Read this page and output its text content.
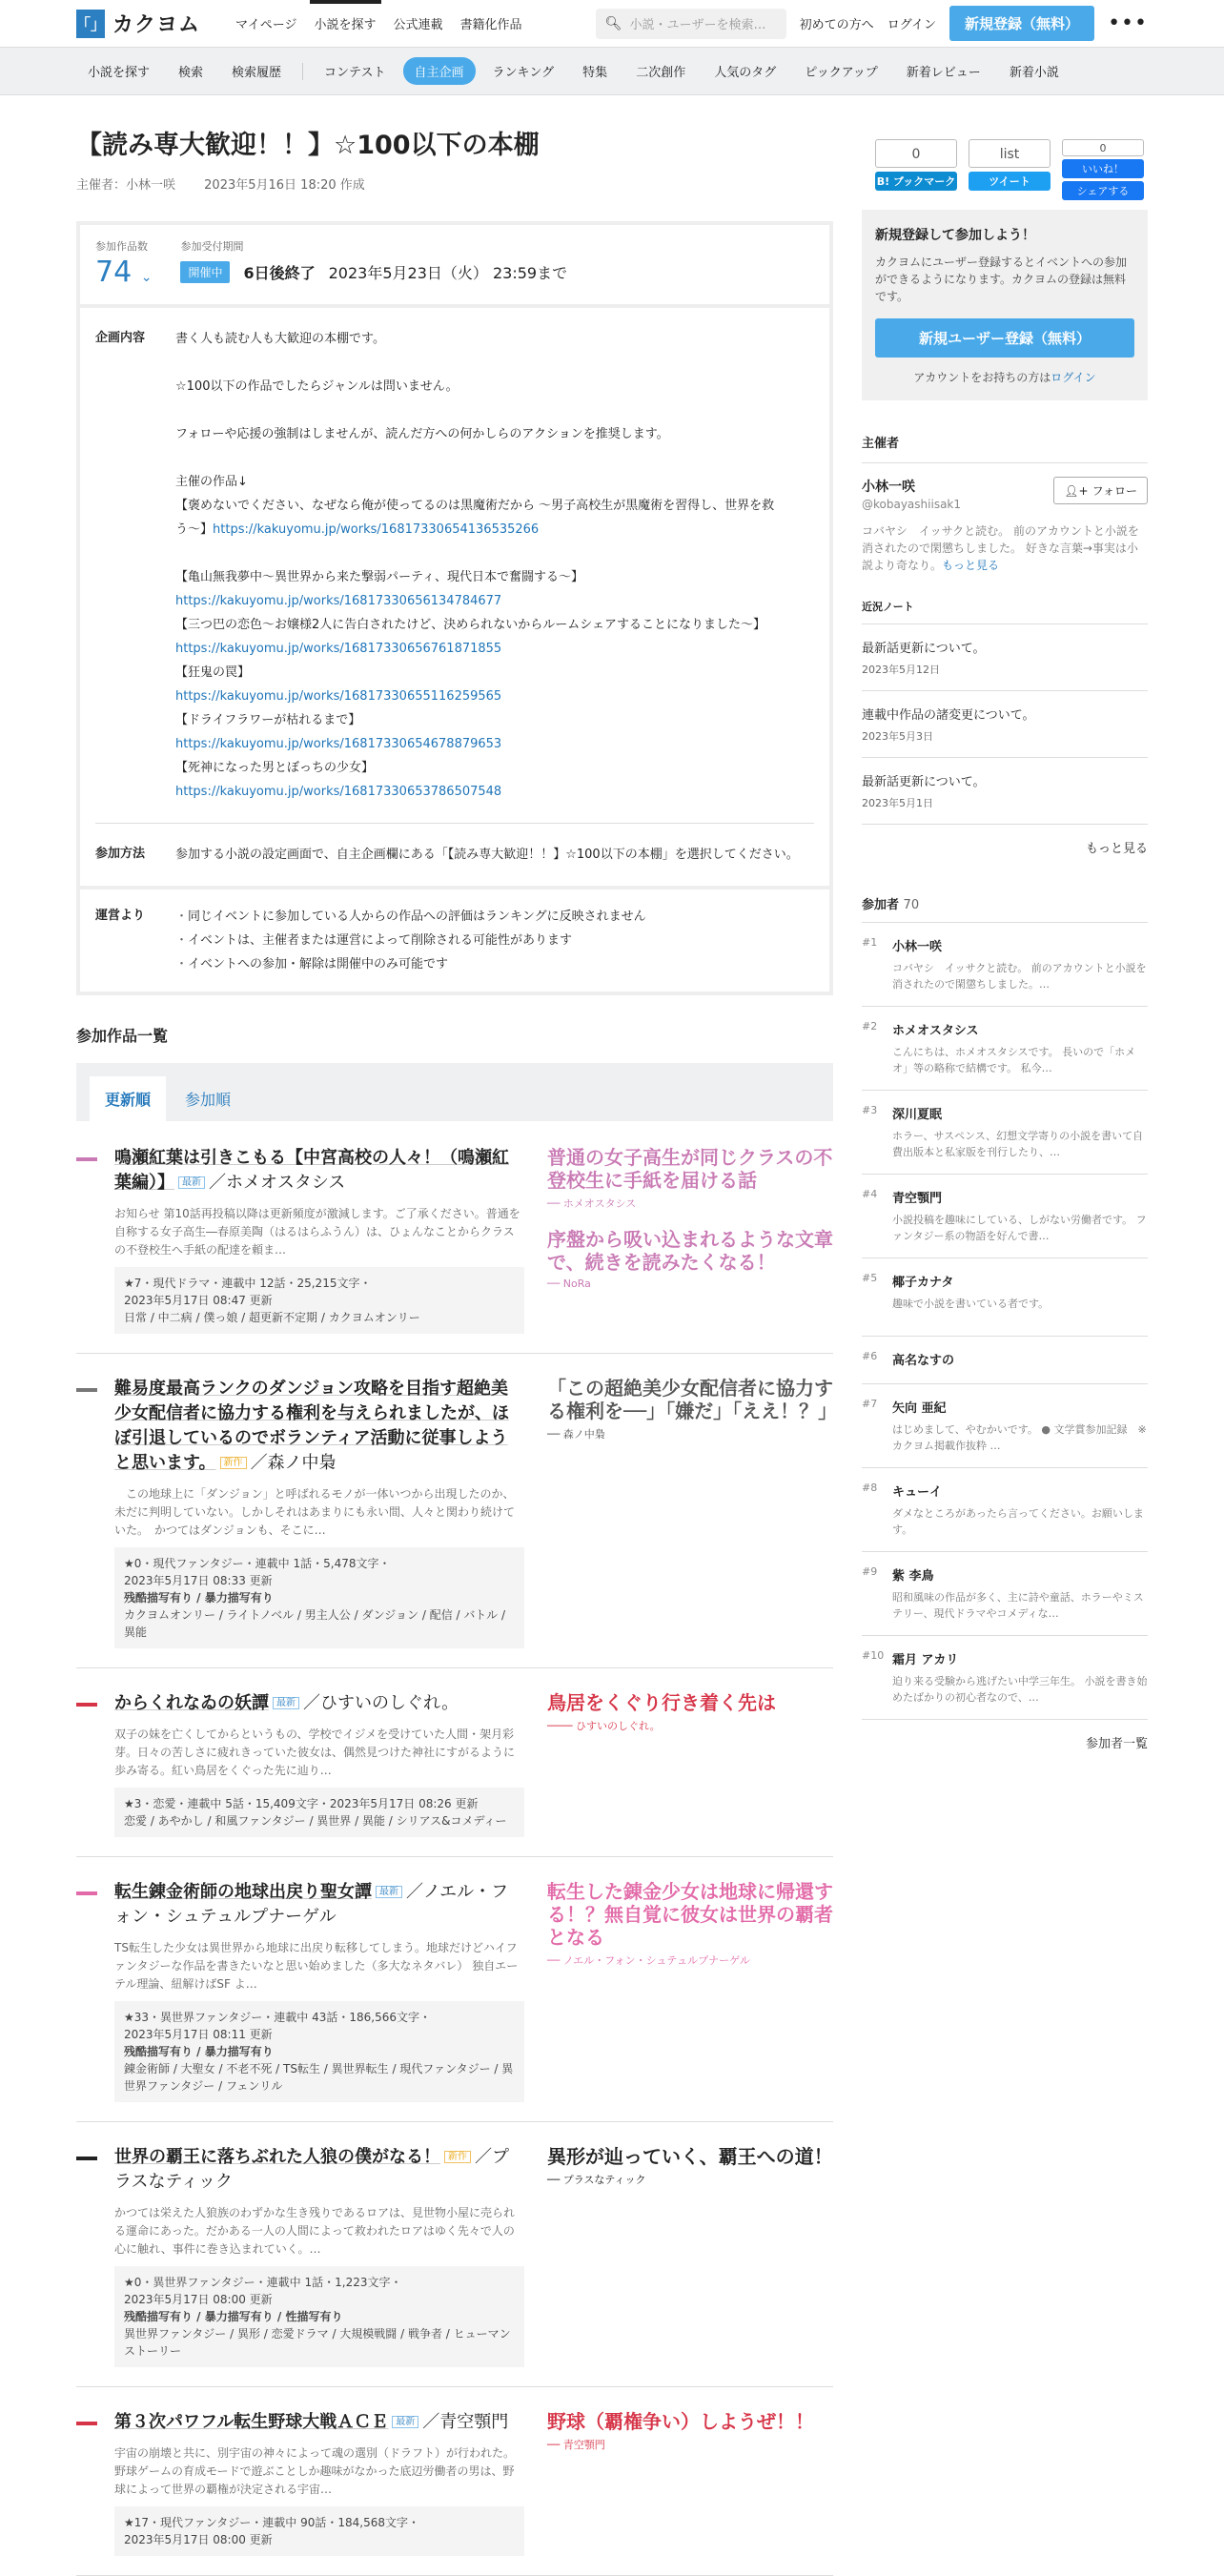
「」 カクヨム	マイページ	小説を探す	公式連載	書籍化作品	🔍︎ 小説・ユーザーを検索…	初めての方へ ログイン	新規登録（無料）	•••
小説を探す	検索	検索履歴	コンテスト	自主企画	ランキング	特集	二次創作	人気のタグ	ピックアップ	新着レビュー	新着小説
0
B! ブックマーク
list
ツイート
0
いいね！
シェアする
【読み専大歓迎！！】☆100以下の本棚
主催者：小林一咲　　 2023年5月16日 18:20 作成
参加作品数
74 ⌄
参加受付期間
開催中	6日後終了 2023年5月23日（火） 23:59まで
企画内容	書く人も読む人も大歓迎の本棚です。

☆100以下の作品でしたらジャンルは問いません。

フォローや応援の強制はしませんが、読んだ方への何かしらのアクションを推奨します。

主催の作品↓

【褒めないでください、なぜなら俺が使ってるのは黒魔術だから 〜男子高校生が黒魔術を習得し、世界を救う〜】https://kakuyomu.jp/works/16817330654136535266

【亀山無我夢中〜異世界から来た撃弱パーティ、現代日本で奮闘する〜】

https://kakuyomu.jp/works/16817330656134784677

【三つ巴の恋色〜お嬢様2人に告白されたけど、決められないからルームシェアすることになりました〜】

https://kakuyomu.jp/works/16817330656761871855

【狂鬼の罠】

https://kakuyomu.jp/works/16817330655116259565

【ドライフラワーが枯れるまで】

https://kakuyomu.jp/works/16817330654678879653

【死神になった男とぼっちの少女】

https://kakuyomu.jp/works/16817330653786507548

参加方法	参加する小説の設定画面で、自主企画欄にある「【読み専大歓迎！！】☆100以下の本棚」を選択してください。
運営より
・	同じイベントに参加している人からの作品への評価はランキングに反映されません
・ イベントは、主催者または運営によって削除される可能性があります
・ イベントへの参加・解除は開催中のみ可能です
参加作品一覧
更新順	参加順
鳴瀬紅葉は引きこもる【中宮高校の人々！（鳴瀬紅葉編）】 最新 ／ホメオスタシス
お知らせ 第10話再投稿以降は更新頻度が激減します。ご了承ください。普通を自称する女子高生―春原美陶（はるはらふうん）は、ひょんなことからクラスの不登校生へ手紙の配達を頼ま…
★7・現代ドラマ・連載中 12話・25,215文字・
2023年5月17日 08:47 更新
日常 / 中二病 / 僕っ娘 / 超更新不定期 / カクヨムオンリー
普通の女子高生が同じクラスの不登校生に手紙を届ける話
── ホメオスタシス
序盤から吸い込まれるような文章で、続きを読みたくなる！
── NoRa
難易度最高ランクのダンジョン攻略を目指す超絶美少女配信者に協力する権利を与えられましたが、ほぼ引退しているのでボランティア活動に従事しようと思います。 新作 ／森ノ中梟
　この地球上に「ダンジョン」と呼ばれるモノが一体いつから出現したのか、未だに判明していない。しかしそれはあまりにも永い間、人々と関わり続けていた。　かつてはダンジョンも、そこに…
★0・現代ファンタジー・連載中 1話・5,478文字・
2023年5月17日 08:33 更新
残酷描写有り / 暴力描写有り
カクヨムオンリー / ライトノベル / 男主人公 / ダンジョン / 配信 / バトル / 異能
「この超絶美少女配信者に協力する権利を──」「嫌だ」「ええ！？」
── 森ノ中梟
からくれなゐの妖譚 最新 ／ひすいのしぐれ。
双子の妹を亡くしてからというもの、学校でイジメを受けていた人間・架月彩芽。日々の苦しさに疲れきっていた彼女は、偶然見つけた神社にすがるように歩み寄る。紅い鳥居をくぐった先に辿り…
★3・恋愛・連載中 5話・15,409文字・2023年5月17日 08:26 更新
恋愛 / あやかし / 和風ファンタジー / 異世界 / 異能 / シリアス&コメディー
鳥居をくぐり行き着く先は
──── ひすいのしぐれ。
転生錬金術師の地球出戻り聖女譚 最新 ／ノエル・フォン・シュテュルプナーゲル
TS転生した少女は異世界から地球に出戻り転移してしまう。地球だけどハイファンタジーな作品を書きたいなと思い始めました（多大なネタバレ） 独自エーテル理論、紐解けばSF よ…
★33・異世界ファンタジー・連載中 43話・186,566文字・
2023年5月17日 08:11 更新
残酷描写有り / 暴力描写有り
錬金術師 / 大聖女 / 不老不死 / TS転生 / 異世界転生 / 現代ファンタジー / 異世界ファンタジー / フェンリル
転生した錬金少女は地球に帰還する！？無自覚に彼女は世界の覇者となる
── ノエル・フォン・シュテュルプナーゲル
世界の覇王に落ちぶれた人狼の僕がなる！ 新作 ／プラスなティック
かつては栄えた人狼族のわずかな生き残りであるロアは、見世物小屋に売られる運命にあった。だかある一人の人間によって救われたロアはゆく先々で人の心に触れ、事件に巻き込まれていく。…
★0・異世界ファンタジー・連載中 1話・1,223文字・
2023年5月17日 08:00 更新
残酷描写有り / 暴力描写有り / 性描写有り
異世界ファンタジー / 異形 / 恋愛ドラマ / 大規模戦闘 / 戦争者 / ヒューマンストーリー
異形が辿っていく、覇王への道！
── プラスなティック
第３次パワフル転生野球大戦ＡＣＥ 最新 ／青空顎門
宇宙の崩壊と共に、別宇宙の神々によって魂の選別（ドラフト）が行われた。 野球ゲームの育成モードで遊ぶことしか趣味がなかった底辺労働者の男は、野球によって世界の覇権が決定される宇宙…
★17・現代ファンタジー・連載中 90話・184,568文字・
2023年5月17日 08:00 更新
野球（覇権争い）しようぜ！！
── 青空顎門
新規登録して参加しよう！
カクヨムにユーザー登録するとイベントへの参加ができるようになります。カクヨムの登録は無料です。
新規ユーザー登録（無料）
アカウントをお持ちの方はログイン
主催者
小林一咲
@kobayashiisak1
👤︎+ フォロー
コバヤシ　イッサクと読む。 前のアカウントと小説を消されたので閑懲ちしました。 好きな言葉→事実は小説より奇なり。もっと見る
近況ノート
最新話更新について。
2023年5月12日
連載中作品の諸変更について。
2023年5月3日
最新話更新について。
2023年5月1日
もっと見る
参加者 70
#1 小林一咲
コバヤシ　イッサクと読む。 前のアカウントと小説を消されたので閑懲ちしました。…
#2 ホメオスタシス
こんにちは、ホメオスタシスです。 長いので「ホメオ」等の略称で結構です。 私今…
#3 深川夏眠
ホラー、サスペンス、幻想文学寄りの小説を書いて自費出版本と私家版を刊行したり、…
#4 青空顎門
小説投稿を趣味にしている、しがない労働者です。 ファンタジー系の物語を好んで書…
#5 椰子カナタ
趣味で小説を書いている者です。
#6 高名なすの
#7 矢向 亜紀
はじめまして、やむかいです。 ● 文学賞参加記録　※カクヨム掲載作抜粋 …
#8 キューイ
ダメなところがあったら言ってください。お願いします。
#9 紫 李鳥
昭和風味の作品が多く、主に詩や童話、ホラーやミステリー、現代ドラマやコメディな…
#10 霜月 アカリ
迫り来る受験から逃げたい中学三年生。 小説を書き始めたばかりの初心者なので、…
参加者一覧
